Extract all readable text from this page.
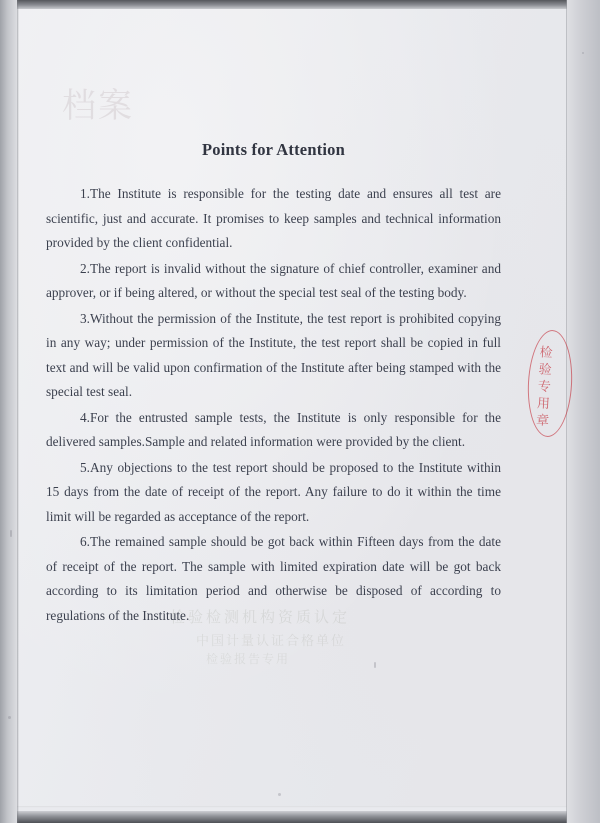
档案
检验检测机构资质认定
中国计量认证合格单位
Points for Attention

1.The Institute is responsible for the testing date and ensures all test are scientific, just and accurate. It promises to keep samples and technical information provided by the client confidential.

2.The report is invalid without the signature of chief controller, examiner and approver, or if being altered, or without the special test seal of the testing body.

3.Without the permission of the Institute, the test report is prohibited copying in any way; under permission of the Institute, the test report shall be copied in full text and will be valid upon confirmation of the Institute after being stamped with the special test seal.

4.For the entrusted sample tests, the Institute is only responsible for the delivered samples.Sample and related information were provided by the client.

5.Any objections to the test report should be proposed to the Institute within 15 days from the date of receipt of the report. Any failure to do it within the time limit will be regarded as acceptance of the report.

6.The remained sample should be got back within Fifteen days from the date of receipt of the report. The sample with limited expiration date will be got back according to its limitation period and otherwise be disposed of according to regulations of the Institute.

检
验
专
用
章
